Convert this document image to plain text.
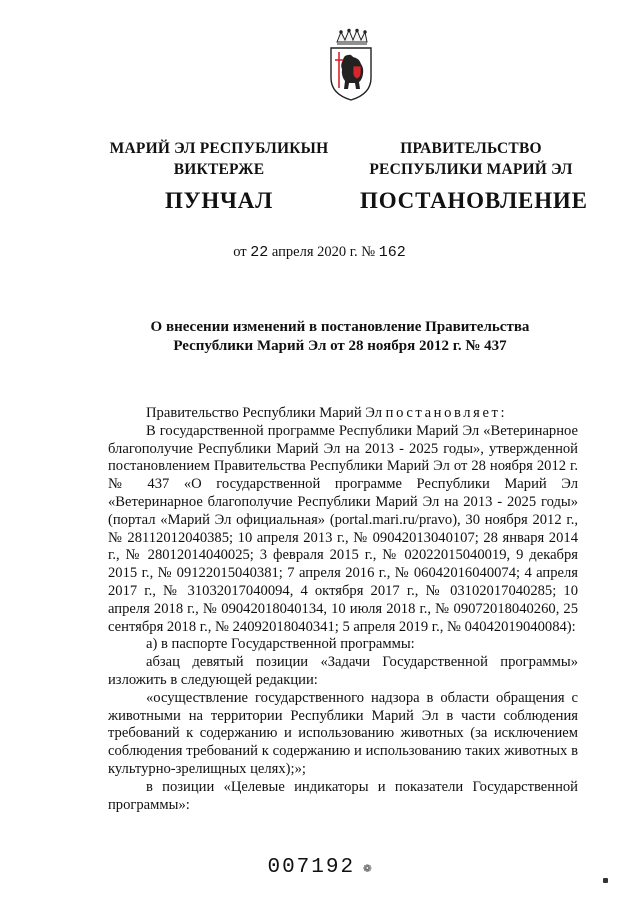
МАРИЙ ЭЛ РЕСПУБЛИКЫН
ВИКТЕРЖЕ
ПУНЧАЛ
ПРАВИТЕЛЬСТВО
РЕСПУБЛИКИ МАРИЙ ЭЛ
ПОСТАНОВЛЕНИЕ
от 22 апреля 2020 г. № 162
О внесении изменений в постановление Правительства
Республики Марий Эл от 28 ноября 2012 г. № 437

Правительство Республики Марий Эл постановляет:

В государственной программе Республики Марий Эл «Ветеринарное благополучие Республики Марий Эл на 2013 - 2025 годы», утвержденной постановлением Правительства Республики Марий Эл от 28 ноября 2012 г. № 437 «О государственной программе Республики Марий Эл «Ветеринарное благополучие Республики Марий Эл на 2013 - 2025 годы» (портал «Марий Эл официальная» (portal.mari.ru/pravo), 30 ноября 2012 г., № 28112012040385; 10 апреля 2013 г., № 09042013040107; 28 января 2014 г., № 28012014040025; 3 февраля 2015 г., № 02022015040019, 9 декабря 2015 г., № 09122015040381; 7 апреля 2016 г., № 06042016040074; 4 апреля 2017 г., № 31032017040094, 4 октября 2017 г., № 03102017040285; 10 апреля 2018 г., № 09042018040134, 10 июля 2018 г., № 09072018040260, 25 сентября 2018 г., № 24092018040341; 5 апреля 2019 г., № 04042019040084):

а) в паспорте Государственной программы:

абзац девятый позиции «Задачи Государственной программы» изложить в следующей редакции:

«осуществление государственного надзора в области обращения с животными на территории Республики Марий Эл в части соблюдения требований к содержанию и использованию животных (за исключением соблюдения требований к содержанию и использованию таких животных в культурно-зрелищных целях);»;

в позиции «Целевые индикаторы и показатели Государственной программы»:

007192 ❁
